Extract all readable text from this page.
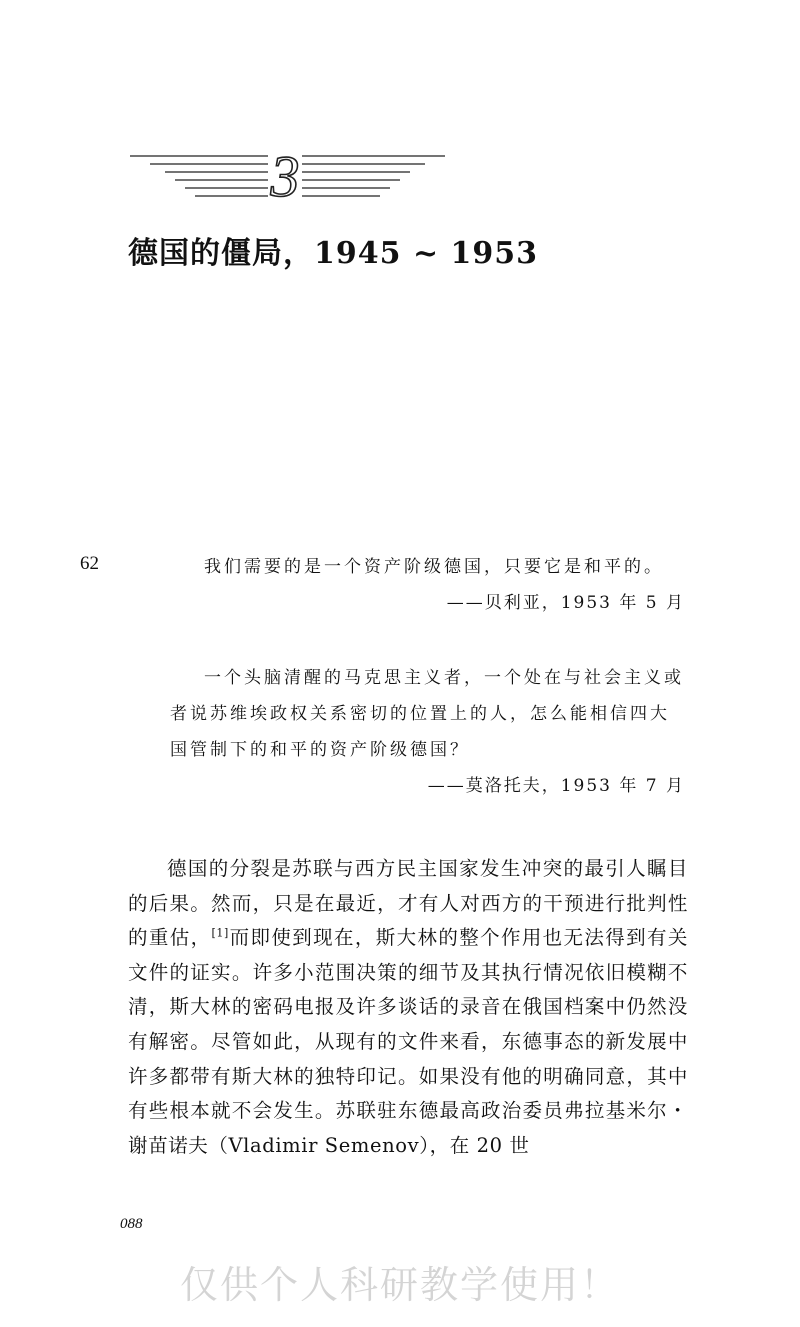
3
德国的僵局，1945 ~ 1953
62	我们需要的是一个资产阶级德国，只要它是和平的。

——贝利亚，1953 年 5 月

一个头脑清醒的马克思主义者，一个处在与社会主义或者说苏维埃政权关系密切的位置上的人，怎么能相信四大国管制下的和平的资产阶级德国？

——莫洛托夫，1953 年 7 月

德国的分裂是苏联与西方民主国家发生冲突的最引人瞩目的后果。然而，只是在最近，才有人对西方的干预进行批判性的重估，[1]而即使到现在，斯大林的整个作用也无法得到有关文件的证实。许多小范围决策的细节及其执行情况依旧模糊不清，斯大林的密码电报及许多谈话的录音在俄国档案中仍然没有解密。尽管如此，从现有的文件来看，东德事态的新发展中许多都带有斯大林的独特印记。如果没有他的明确同意，其中有些根本就不会发生。苏联驻东德最高政治委员弗拉基米尔・谢苗诺夫（Vladimir Semenov），在 20 世

088
仅供个人科研教学使用！
